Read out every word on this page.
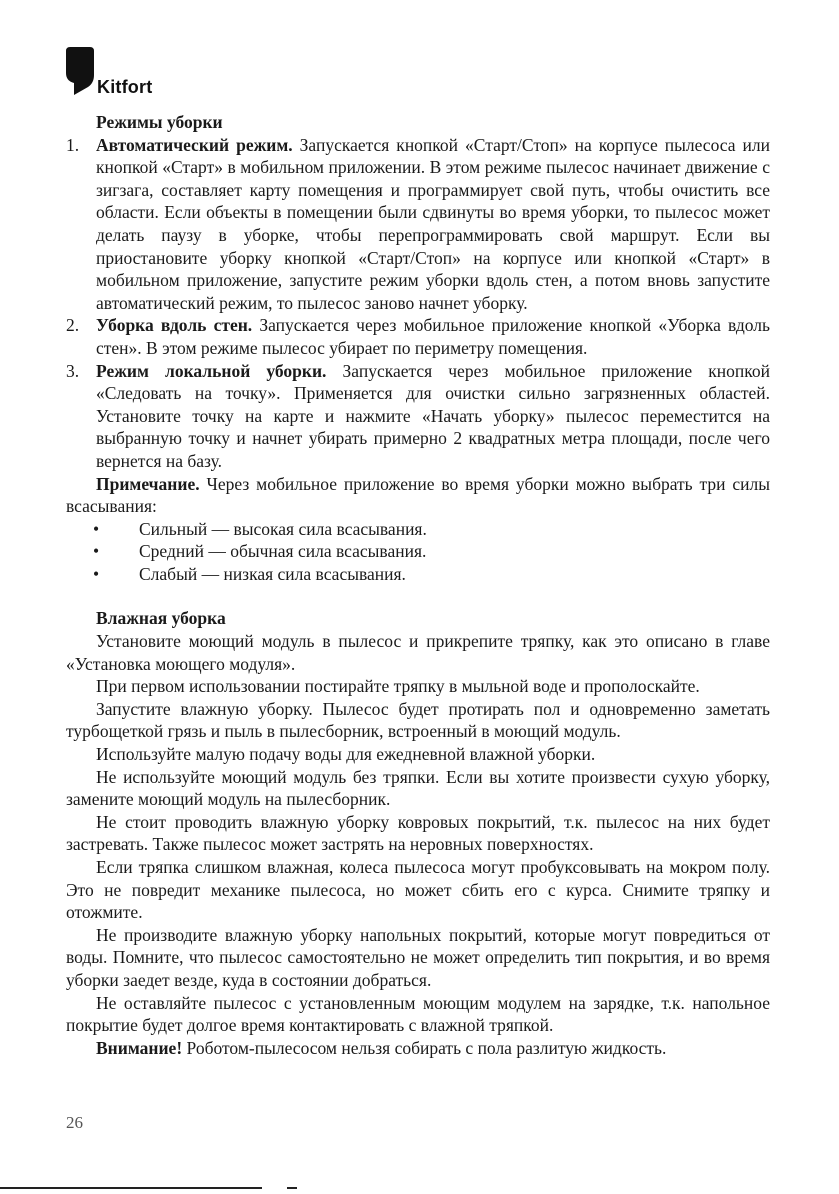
Kitfort

Режимы уборки

1. Автоматический режим. Запускается кнопкой «Старт/Стоп» на корпусе пылесоса или кнопкой «Старт» в мобильном приложении. В этом режиме пылесос начинает движение с зигзага, составляет карту помещения и программирует свой путь, чтобы очистить все области. Если объекты в помещении были сдвинуты во время уборки, то пылесос может делать паузу в уборке, чтобы перепрограммировать свой маршрут. Если вы приостановите уборку кнопкой «Старт/Стоп» на корпусе или кнопкой «Старт» в мобильном приложение, запустите режим уборки вдоль стен, а потом вновь запустите автоматический режим, то пылесос заново начнет уборку.
2. Уборка вдоль стен. Запускается через мобильное приложение кнопкой «Уборка вдоль стен». В этом режиме пылесос убирает по периметру помещения.
3. Режим локальной уборки. Запускается через мобильное приложение кнопкой «Следовать на точку». Применяется для очистки сильно загрязненных областей. Установите точку на карте и нажмите «Начать уборку» пылесос переместится на выбранную точку и начнет убирать примерно 2 квадратных метра площади, после чего вернется на базу.

Примечание. Через мобильное приложение во время уборки можно выбрать три силы всасывания:

• Сильный — высокая сила всасывания.
• Средний — обычная сила всасывания.
• Слабый — низкая сила всасывания.

Влажная уборка

Установите моющий модуль в пылесос и прикрепите тряпку, как это описано в главе «Установка моющего модуля».

При первом использовании постирайте тряпку в мыльной воде и прополоскайте.

Запустите влажную уборку. Пылесос будет протирать пол и одновременно заметать турбощеткой грязь и пыль в пылесборник, встроенный в моющий модуль.

Используйте малую подачу воды для ежедневной влажной уборки.

Не используйте моющий модуль без тряпки. Если вы хотите произвести сухую уборку, замените моющий модуль на пылесборник.

Не стоит проводить влажную уборку ковровых покрытий, т.к. пылесос на них будет застревать. Также пылесос может застрять на неровных поверхностях.

Если тряпка слишком влажная, колеса пылесоса могут пробуксовывать на мокром полу. Это не повредит механике пылесоса, но может сбить его с курса. Снимите тряпку и отожмите.

Не производите влажную уборку напольных покрытий, которые могут повредиться от воды. Помните, что пылесос самостоятельно не может определить тип покрытия, и во время уборки заедет везде, куда в состоянии добраться.

Не оставляйте пылесос с установленным моющим модулем на зарядке, т.к. напольное покрытие будет долгое время контактировать с влажной тряпкой.

Внимание! Роботом-пылесосом нельзя собирать с пола разлитую жидкость.

26
